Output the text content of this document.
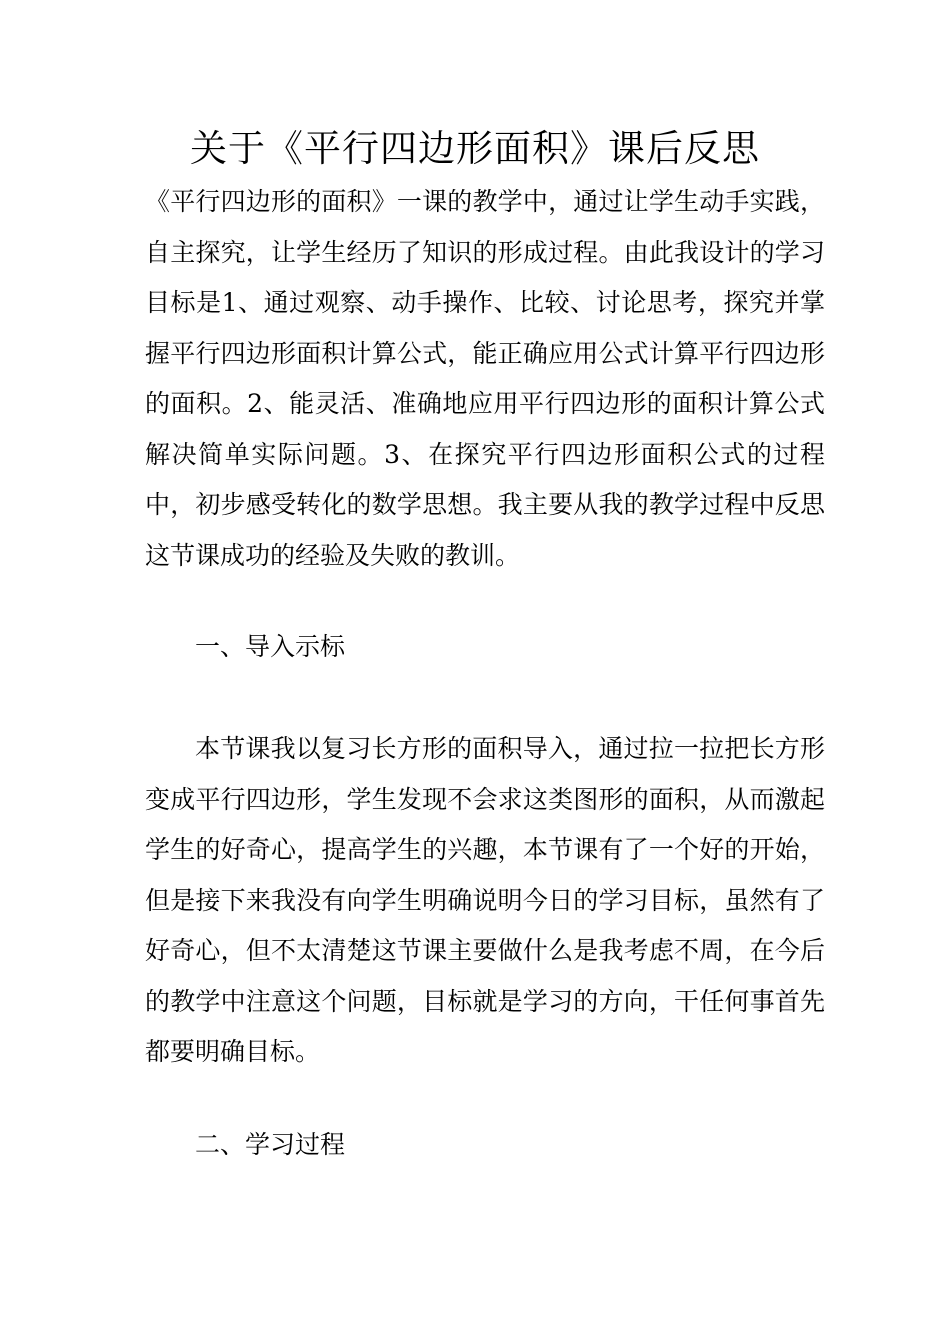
关于《平行四边形面积》课后反思

《平行四边形的面积》一课的教学中，通过让学生动手实践，自主探究，让学生经历了知识的形成过程。由此我设计的学习目标是1、通过观察、动手操作、比较、讨论思考，探究并掌握平行四边形面积计算公式，能正确应用公式计算平行四边形的面积。2、能灵活、准确地应用平行四边形的面积计算公式解决简单实际问题。3、在探究平行四边形面积公式的过程中，初步感受转化的数学思想。我主要从我的教学过程中反思这节课成功的经验及失败的教训。

一、导入示标

本节课我以复习长方形的面积导入，通过拉一拉把长方形变成平行四边形，学生发现不会求这类图形的面积，从而激起学生的好奇心，提高学生的兴趣，本节课有了一个好的开始，但是接下来我没有向学生明确说明今日的学习目标，虽然有了好奇心，但不太清楚这节课主要做什么是我考虑不周，在今后的教学中注意这个问题，目标就是学习的方向，干任何事首先都要明确目标。

二、学习过程
